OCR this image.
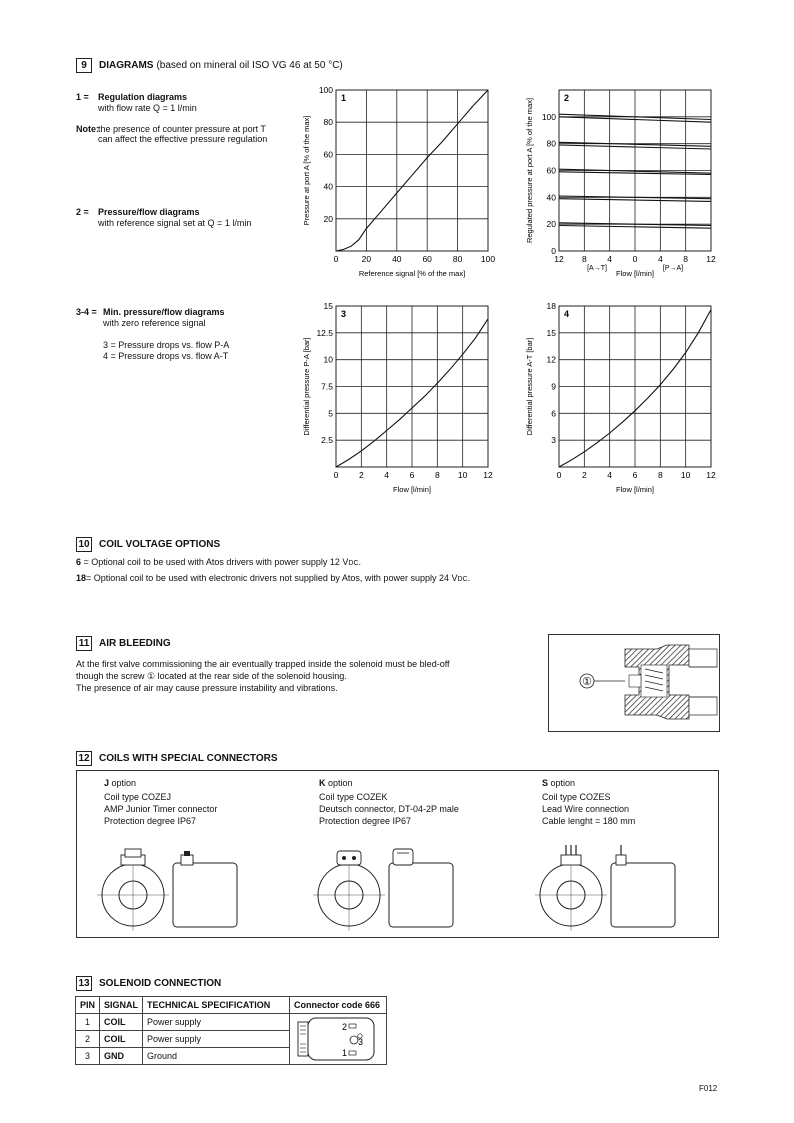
9	DIAGRAMS (based on mineral oil ISO VG 46 at 50 °C)
1 = Regulation diagrams
with flow rate Q = 1 l/min
Note:the presence of counter pressure at port T
can affect the effective pressure regulation
2 = Pressure/flow diagrams
with reference signal set at Q = 1 l/min
3-4 = Min. pressure/flow diagrams
with zero reference signal

3 = Pressure drops vs. flow P-A
4 = Pressure drops vs. flow A-T
0	20 40 60 80 100
20
40
60
80
100
1
Reference signal [% of the max]
Pressure at port A [% of the max]
12 8 4 0 4 8 12
0
20
40
60
80
100
2
Flow [l/min]
Regulated pressure at port A [% of the max]
[A→T]	[P→A]
0 2 4 6 8 10 12
2.5
5
7.5
10
12.5
15
3
Flow [l/min]
Differential pressure P-A [bar]
0 2 4 6 8 10 12
3
6
9
12
15
18
4
Flow [l/min]
Differential pressure A-T [bar]
10 COIL VOLTAGE OPTIONS
6 = Optional coil to be used with Atos drivers with power supply 12 VDC.
18= Optional coil to be used with electronic drivers not supplied by Atos, with power supply 24 VDC.
11 AIR BLEEDING
At the first valve commissioning the air eventually trapped inside the solenoid must be bled-off
though the screw ① located at the rear side of the solenoid housing.
The presence of air may cause pressure instability and vibrations.	①
12 COILS WITH SPECIAL CONNECTORS
J option
Coil type COZEJ
AMP Junior Timer connector
Protection degree IP67
K option
Coil type COZEK
Deutsch connector, DT-04-2P male
Protection degree IP67
S option
Coil type COZES
Lead Wire connection
Cable lenght = 180 mm
13 SOLENOID CONNECTION
PIN	SIGNAL	TECHNICAL SPECIFICATION	Connector code 666
1	COIL	Power supply	2
3
1

2	COIL	Power supply	
3	GND	Ground	
F012
